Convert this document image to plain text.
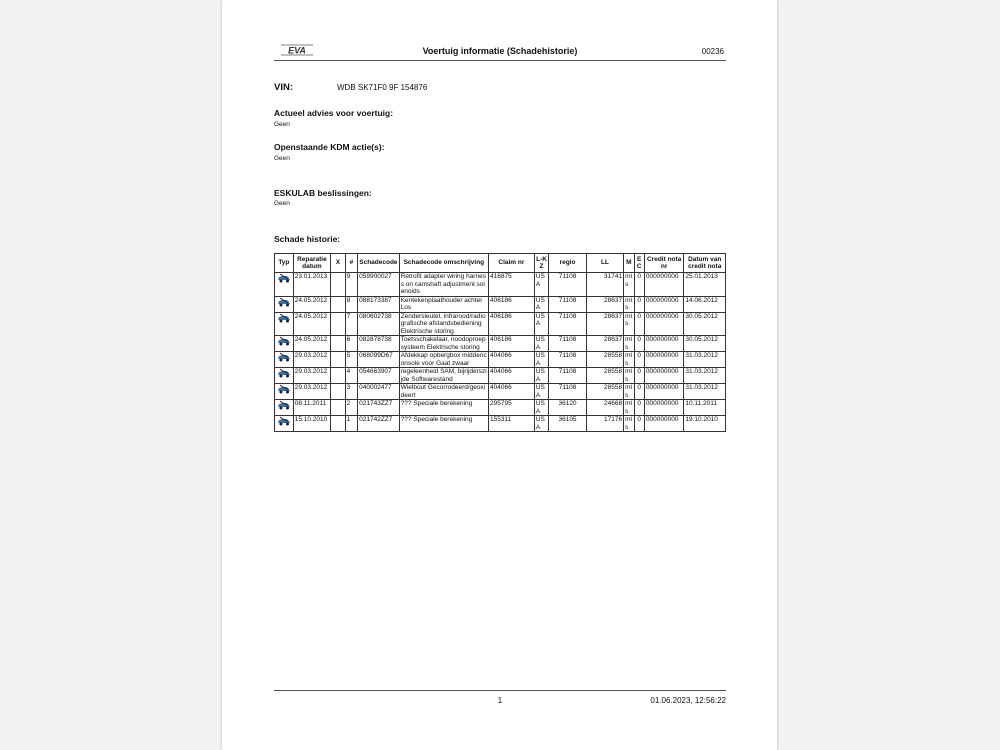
EVA	Voertuig informatie (Schadehistorie)	00236
VIN:	WDB SK71F0 9F 154876
Actueel advies voor voertuig:
Geen
Openstaande KDM actie(s):
Geen
ESKULAB beslissingen:
Geen
Schade historie:
Typ	Reparatie datum	X	#	Schadecode	Schadecode omschrijving	Claim nr	L-KZ	regio	LL	M	E C	Credit nota nr	Datum van credit nota
	23.01.2013		9	059900027	Retrofit adapter wiring harness on camshaft adjustment solenoids	416875	USA	71108	31741	mls	0	000000000	25.01.2013
	24.05.2012		8	088173387	Kentekenplaathouder achter Los	406186	USA	71108	28637	mls	0	000000000	14.06.2012
	24.05.2012		7	080602738	Zendersleutel, infrarood/radiografische afstandsbediening Elektrische storing	406186	USA	71108	28637	mls	0	000000000	30.05.2012
	24.05.2012		6	082878738	Toetsschakelaar, noodoproepsysteem Elektrische storing	406186	USA	71108	28637	mls	0	000000000	30.05.2012
	29.03.2012		5	068099D67	Afdekkap opbergbox middenconsole voor Gaat zwaar	404066	USA	71108	28558	mls	0	000000000	31.03.2012
	29.03.2012		4	054663907	regeleenheid SAM, bijrijderszijde Softwarestand	404066	USA	71108	28558	mls	0	000000000	31.03.2012
	29.03.2012		3	040002477	Wielbout Gecorrodeerd/geoxideert	404066	USA	71108	28558	mls	0	000000000	31.03.2012
	08.11.2011		2	021743ZZ7	??? Speciale berekening	295795	USA	36120	24668	mls	0	000000000	10.11.2011
	15.10.2010		1	021742ZZ7	??? Speciale berekening	155311	USA	36105	17176	mls	0	000000000	19.10.2010
1	01.06.2023, 12:56:22
